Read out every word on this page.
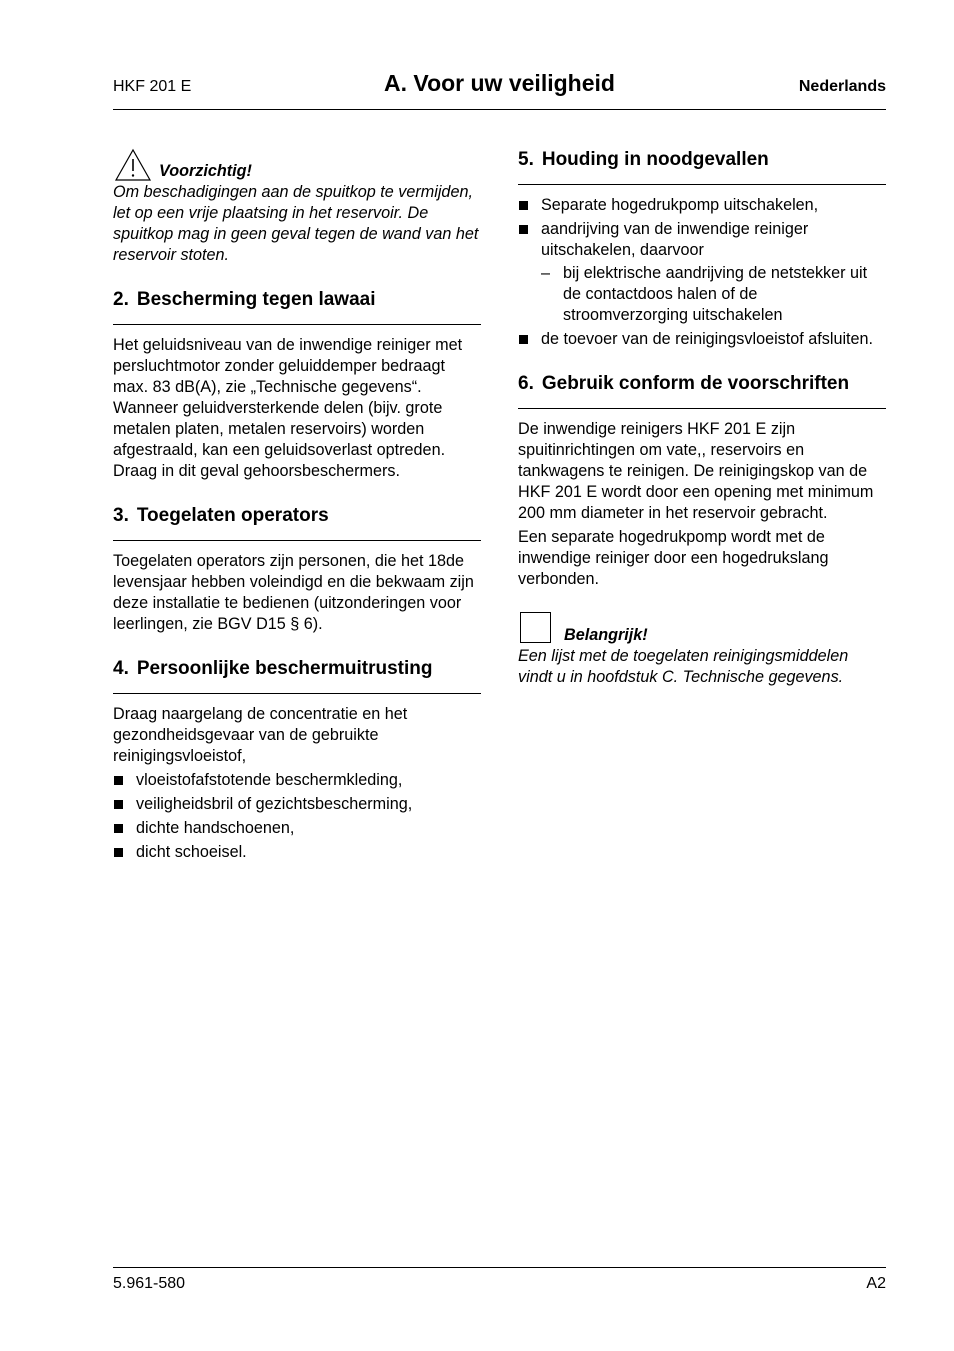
HKF 201 E	A. Voor uw veiligheid	Nederlands
Voorzichtig!

Om beschadigingen aan de spuitkop te vermijden, let op een vrije plaatsing in het reservoir. De spuitkop mag in geen geval tegen de wand van het reservoir stoten.

2. Bescherming tegen lawaai

Het geluidsniveau van de inwendige reiniger met persluchtmotor zonder geluiddemper bedraagt max. 83 dB(A), zie „Technische gegevens“. Wanneer geluidversterkende delen (bijv. grote metalen platen, metalen reservoirs) worden afgestraald, kan een geluidsoverlast optreden. Draag in dit geval gehoorsbeschermers.

3. Toegelaten operators

Toegelaten operators zijn personen, die het 18de levensjaar hebben voleindigd en die bekwaam zijn deze installatie te bedienen (uitzonderingen voor leerlingen, zie BGV D15 § 6).

4. Persoonlijke beschermuitrusting

Draag naargelang de concentratie en het gezondheidsgevaar van de gebruikte reinigingsvloeistof,

vloeistofafstotende beschermkleding,
veiligheidsbril of gezichtsbescherming,
dichte handschoenen,
dicht schoeisel.
5. Houding in noodgevallen
Separate hogedrukpomp uitschakelen,
aandrijving van de inwendige reiniger uitschakelen, daarvoor
– bij elektrische aandrijving de netstekker uit de contactdoos halen of de stroomverzorging uitschakelen
de toevoer van de reinigingsvloeistof afsluiten.
6. Gebruik conform de voorschriften

De inwendige reinigers HKF 201 E zijn spuitinrichtingen om vate,, reservoirs en tankwagens te reinigen. De reinigingskop van de HKF 201 E wordt door een opening met minimum 200 mm diameter in het reservoir gebracht.

Een separate hogedrukpomp wordt met de inwendige reiniger door een hogedrukslang verbonden.

Belangrijk!

Een lijst met de toegelaten reinigingsmiddelen vindt u in hoofdstuk C. Technische gegevens.

5.961-580	A2
